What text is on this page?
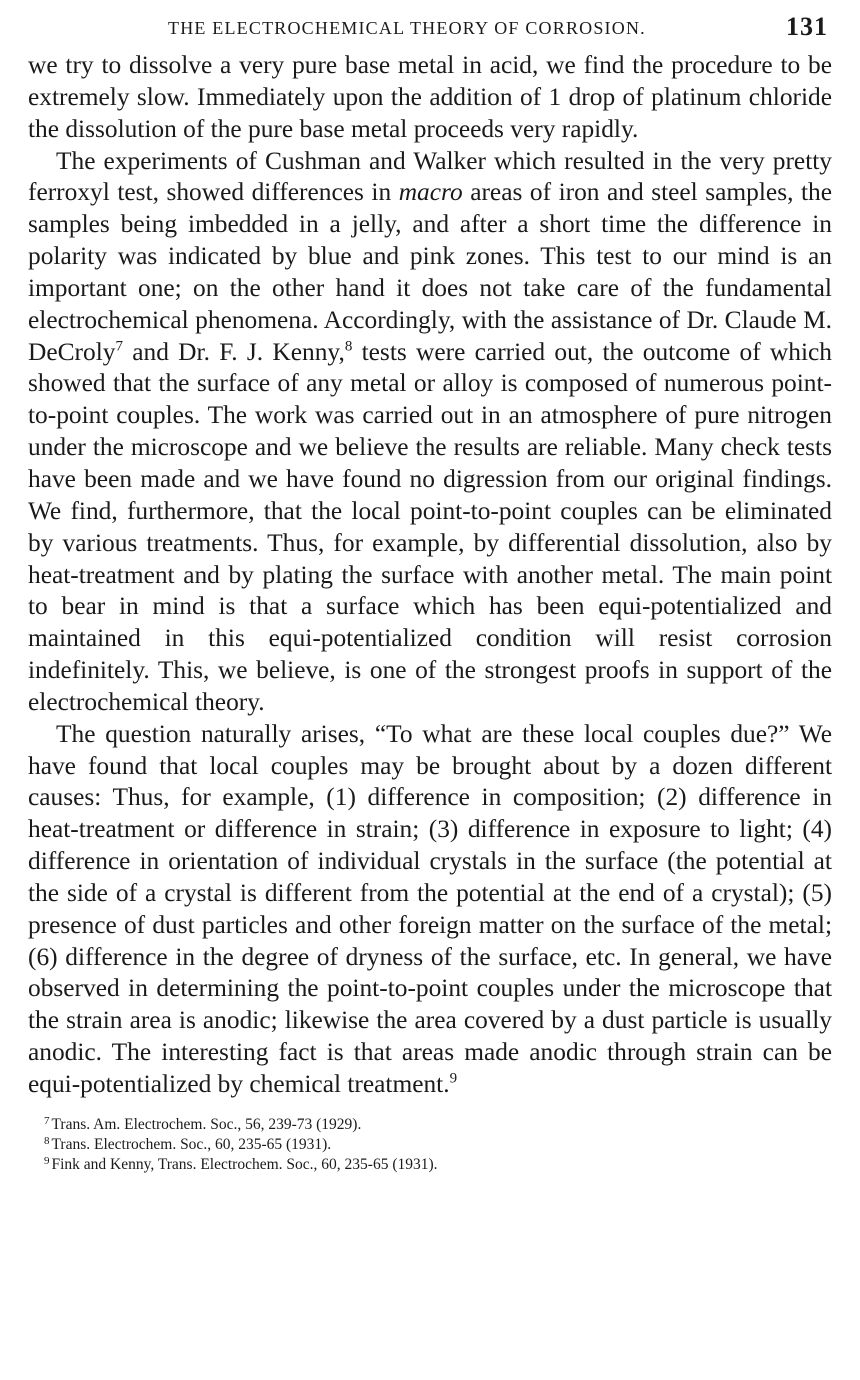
THE ELECTROCHEMICAL THEORY OF CORROSION.	131

we try to dissolve a very pure base metal in acid, we find the procedure to be extremely slow. Immediately upon the addition of 1 drop of platinum chloride the dissolution of the pure base metal proceeds very rapidly.

The experiments of Cushman and Walker which resulted in the very pretty ferroxyl test, showed differences in macro areas of iron and steel samples, the samples being imbedded in a jelly, and after a short time the difference in polarity was indicated by blue and pink zones. This test to our mind is an important one; on the other hand it does not take care of the fundamental electrochemical phenomena. Accordingly, with the assistance of Dr. Claude M. DeCroly$^7$ and Dr. F. J. Kenny,$^8$ tests were carried out, the outcome of which showed that the surface of any metal or alloy is composed of numerous point-to-point couples. The work was carried out in an atmosphere of pure nitrogen under the microscope and we believe the results are reliable. Many check tests have been made and we have found no digression from our original findings. We find, furthermore, that the local point-to-point couples can be eliminated by various treatments. Thus, for example, by differential dissolution, also by heat-treatment and by plating the surface with another metal. The main point to bear in mind is that a surface which has been equi-potentialized and maintained in this equi-potentialized condition will resist corrosion indefinitely. This, we believe, is one of the strongest proofs in support of the electrochemical theory.

The question naturally arises, “To what are these local couples due?” We have found that local couples may be brought about by a dozen different causes: Thus, for example, (1) difference in composition; (2) difference in heat-treatment or difference in strain; (3) difference in exposure to light; (4) difference in orientation of individual crystals in the surface (the potential at the side of a crystal is different from the potential at the end of a crystal); (5) presence of dust particles and other foreign matter on the surface of the metal; (6) difference in the degree of dryness of the surface, etc. In general, we have observed in determining the point-to-point couples under the microscope that the strain area is anodic; likewise the area covered by a dust particle is usually anodic. The interesting fact is that areas made anodic through strain can be equi-potentialized by chemical treatment.$^9$

$^7$ Trans. Am. Electrochem. Soc., 56, 239-73 (1929).

$^8$ Trans. Electrochem. Soc., 60, 235-65 (1931).

$^9$ Fink and Kenny, Trans. Electrochem. Soc., 60, 235-65 (1931).
